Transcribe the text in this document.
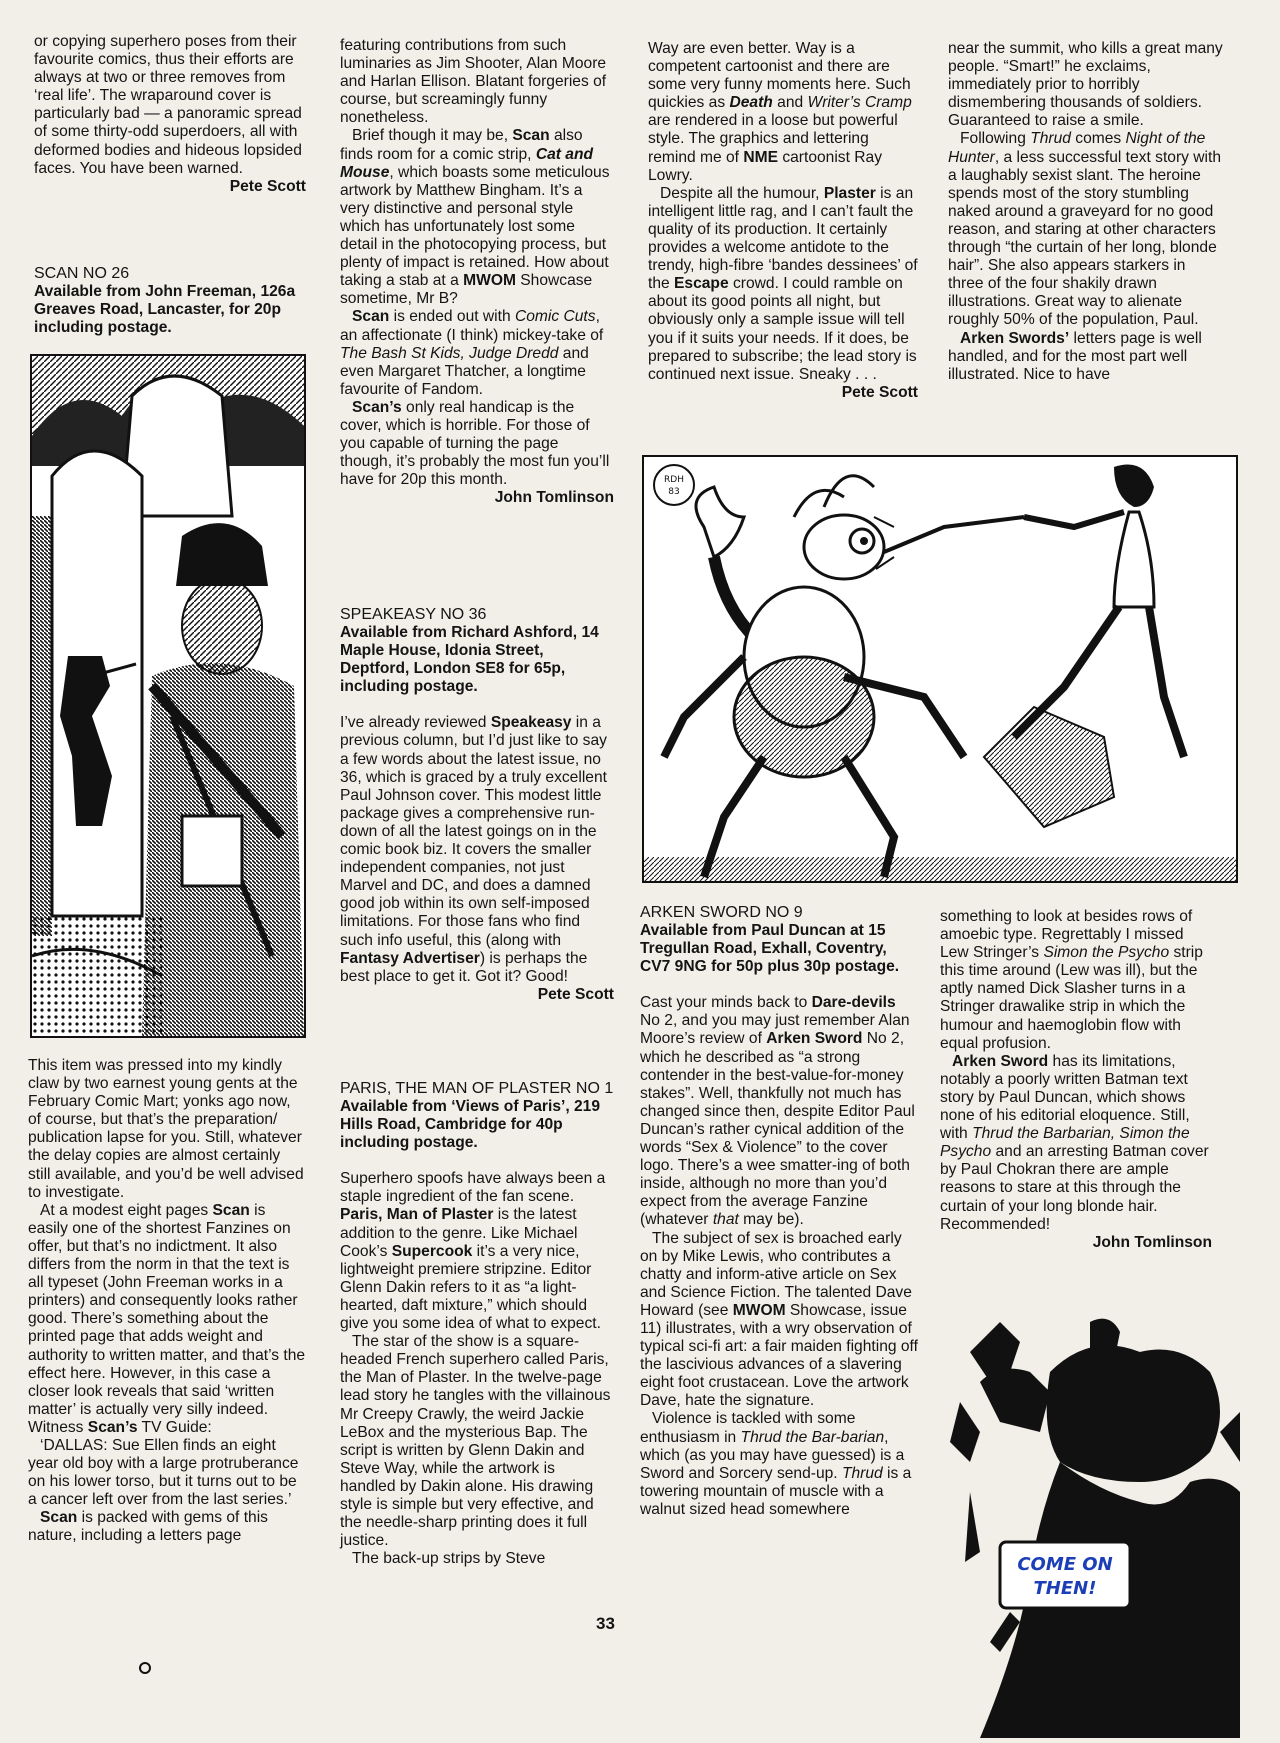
or copying superhero poses from their favourite comics, thus their efforts are always at two or three removes from ‘real life’. The wraparound cover is particularly bad — a panoramic spread of some thirty-odd superdoers, all with deformed bodies and hideous lopsided faces. You have been warned.

Pete Scott

SCAN NO 26

Available from John Freeman, 126a Greaves Road, Lancaster, for 20p including postage.

This item was pressed into my kindly claw by two earnest young gents at the February Comic Mart; yonks ago now, of course, but that’s the preparation/ publication lapse for you. Still, whatever the delay copies are almost certainly still available, and you’d be well advised to investigate.

At a modest eight pages Scan is easily one of the shortest Fanzines on offer, but that’s no indictment. It also differs from the norm in that the text is all typeset (John Freeman works in a printers) and consequently looks rather good. There’s something about the printed page that adds weight and authority to written matter, and that’s the effect here. However, in this case a closer look reveals that said ‘written matter’ is actually very silly indeed. Witness Scan’s TV Guide:

‘DALLAS: Sue Ellen finds an eight year old boy with a large protruberance on his lower torso, but it turns out to be a cancer left over from the last series.’

Scan is packed with gems of this nature, including a letters page

featuring contributions from such luminaries as Jim Shooter, Alan Moore and Harlan Ellison. Blatant forgeries of course, but screamingly funny nonetheless.

Brief though it may be, Scan also finds room for a comic strip, Cat and Mouse, which boasts some meticulous artwork by Matthew Bingham. It’s a very distinctive and personal style which has unfortunately lost some detail in the photocopying process, but plenty of impact is retained. How about taking a stab at a MWOM Showcase sometime, Mr B?

Scan is ended out with Comic Cuts, an affectionate (I think) mickey-take of The Bash St Kids, Judge Dredd and even Margaret Thatcher, a longtime favourite of Fandom.

Scan’s only real handicap is the cover, which is horrible. For those of you capable of turning the page though, it’s probably the most fun you’ll have for 20p this month.

John Tomlinson

SPEAKEASY NO 36

Available from Richard Ashford, 14 Maple House, Idonia Street, Deptford, London SE8 for 65p, including postage.

I’ve already reviewed Speakeasy in a previous column, but I’d just like to say a few words about the latest issue, no 36, which is graced by a truly excellent Paul Johnson cover. This modest little package gives a comprehensive run-down of all the latest goings on in the comic book biz. It covers the smaller independent companies, not just Marvel and DC, and does a damned good job within its own self-imposed limitations. For those fans who find such info useful, this (along with Fantasy Advertiser) is perhaps the best place to get it. Got it? Good!

Pete Scott

PARIS, THE MAN OF PLASTER NO 1

Available from ‘Views of Paris’, 219 Hills Road, Cambridge for 40p including postage.

Superhero spoofs have always been a staple ingredient of the fan scene. Paris, Man of Plaster is the latest addition to the genre. Like Michael Cook’s Supercook it’s a very nice, lightweight premiere stripzine. Editor Glenn Dakin refers to it as “a light-hearted, daft mixture,” which should give you some idea of what to expect.

The star of the show is a square-headed French superhero called Paris, the Man of Plaster. In the twelve-page lead story he tangles with the villainous Mr Creepy Crawly, the weird Jackie LeBox and the mysterious Bap. The script is written by Glenn Dakin and Steve Way, while the artwork is handled by Dakin alone. His drawing style is simple but very effective, and the needle-sharp printing does it full justice.

The back-up strips by Steve

Way are even better. Way is a competent cartoonist and there are some very funny moments here. Such quickies as Death and Writer’s Cramp are rendered in a loose but powerful style. The graphics and lettering remind me of NME cartoonist Ray Lowry.

Despite all the humour, Plaster is an intelligent little rag, and I can’t fault the quality of its production. It certainly provides a welcome antidote to the trendy, high-fibre ‘bandes dessinees’ of the Escape crowd. I could ramble on about its good points all night, but obviously only a sample issue will tell you if it suits your needs. If it does, be prepared to subscribe; the lead story is continued next issue. Sneaky . . .

Pete Scott

near the summit, who kills a great many people. “Smart!” he exclaims, immediately prior to horribly dismembering thousands of soldiers. Guaranteed to raise a smile.

Following Thrud comes Night of the Hunter, a less successful text story with a laughably sexist slant. The heroine spends most of the story stumbling naked around a graveyard for no good reason, and staring at other characters through “the curtain of her long, blonde hair”. She also appears starkers in three of the four shakily drawn illustrations. Great way to alienate roughly 50% of the population, Paul.

Arken Swords’ letters page is well handled, and for the most part well illustrated. Nice to have

RDH
83

ARKEN SWORD NO 9

Available from Paul Duncan at 15 Tregullan Road, Exhall, Coventry, CV7 9NG for 50p plus 30p postage.

Cast your minds back to Dare-devils No 2, and you may just remember Alan Moore’s review of Arken Sword No 2, which he described as “a strong contender in the best-value-for-money stakes”. Well, thankfully not much has changed since then, despite Editor Paul Duncan’s rather cynical addition of the words “Sex & Violence” to the cover logo. There’s a wee smatter-ing of both inside, although no more than you’d expect from the average Fanzine (whatever that may be).

The subject of sex is broached early on by Mike Lewis, who contributes a chatty and inform-ative article on Sex and Science Fiction. The talented Dave Howard (see MWOM Showcase, issue 11) illustrates, with a wry observation of typical sci-fi art: a fair maiden fighting off the lascivious advances of a slavering eight foot crustacean. Love the artwork Dave, hate the signature.

Violence is tackled with some enthusiasm in Thrud the Bar-barian, which (as you may have guessed) is a Sword and Sorcery send-up. Thrud is a towering mountain of muscle with a walnut sized head somewhere

something to look at besides rows of amoebic type. Regrettably I missed Lew Stringer’s Simon the Psycho strip this time around (Lew was ill), but the aptly named Dick Slasher turns in a Stringer drawalike strip in which the humour and haemoglobin flow with equal profusion.

Arken Sword has its limitations, notably a poorly written Batman text story by Paul Duncan, which shows none of his editorial eloquence. Still, with Thrud the Barbarian, Simon the Psycho and an arresting Batman cover by Paul Chokran there are ample reasons to stare at this through the curtain of your long blonde hair. Recommended!

John Tomlinson

COME ON
THEN!
33
